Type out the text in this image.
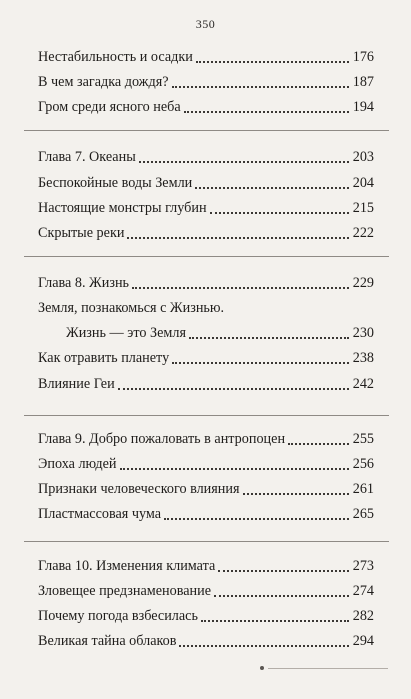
350
Нестабильность и осадки	176
В чем загадка дождя?	187
Гром среди ясного неба	194
Глава 7. Океаны	203
Беспокойные воды Земли	204
Настоящие монстры глубин	215
Скрытые реки	222
Глава 8. Жизнь	229
Земля, познакомься с Жизнью.
Жизнь — это Земля	230
Как отравить планету	238
Влияние Геи	242
Глава 9. Добро пожаловать в антропоцен	255
Эпоха людей	256
Признаки человеческого влияния	261
Пластмассовая чума	265
Глава 10. Изменения климата	273
Зловещее предзнаменование	274
Почему погода взбесилась	282
Великая тайна облаков	294
